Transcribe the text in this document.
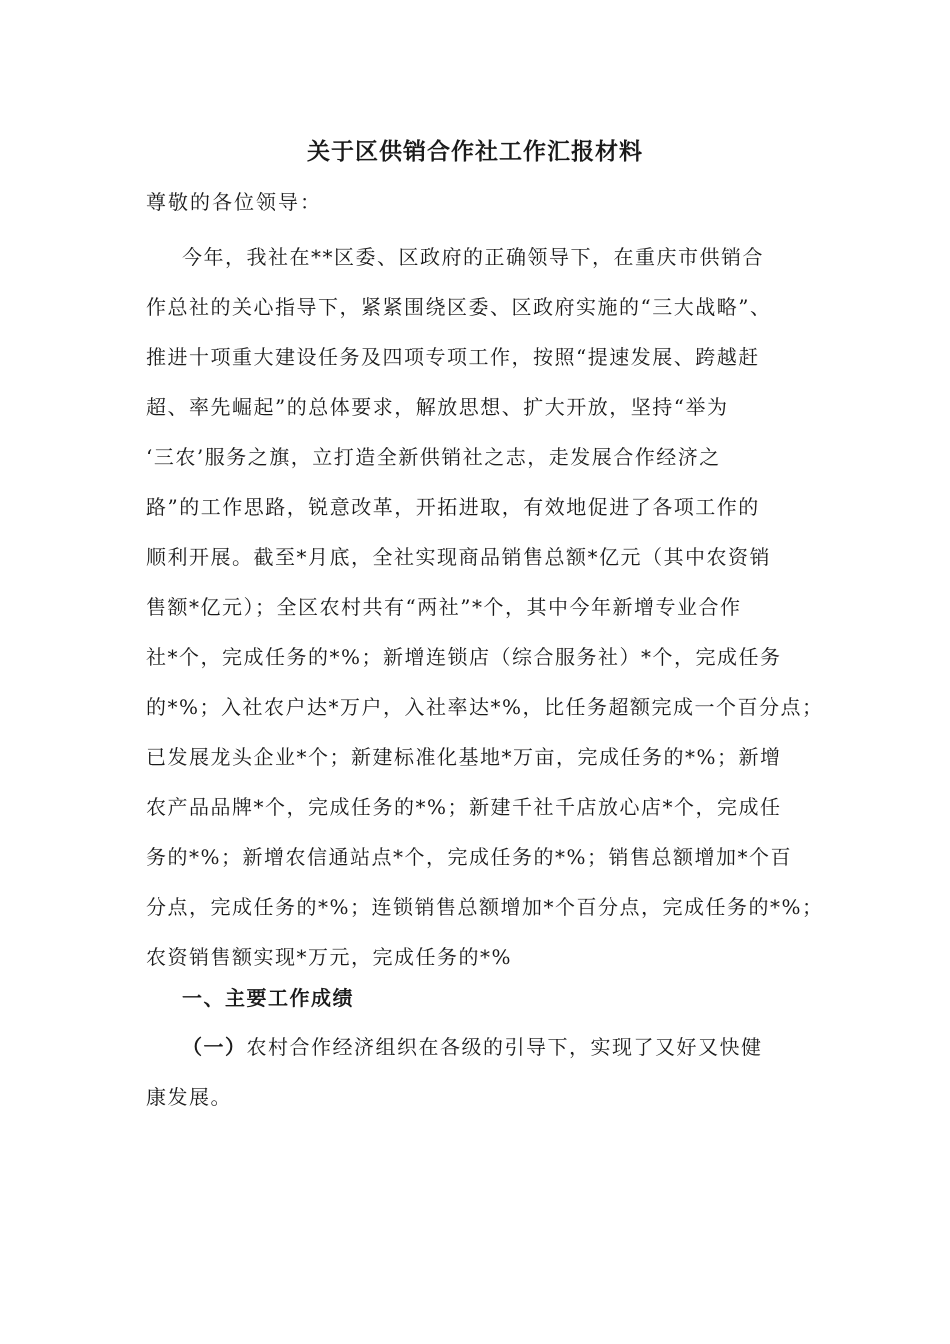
关于区供销合作社工作汇报材料

尊敬的各位领导：

今年，我社在**区委、区政府的正确领导下，在重庆市供销合
作总社的关心指导下，紧紧围绕区委、区政府实施的“三大战略”、
推进十项重大建设任务及四项专项工作，按照“提速发展、跨越赶
超、率先崛起”的总体要求，解放思想、扩大开放，坚持“举为
‘三农’服务之旗，立打造全新供销社之志，走发展合作经济之
路”的工作思路，锐意改革，开拓进取，有效地促进了各项工作的
顺利开展。截至*月底，全社实现商品销售总额*亿元（其中农资销
售额*亿元）；全区农村共有“两社”*个，其中今年新增专业合作
社*个，完成任务的*%；新增连锁店（综合服务社）*个，完成任务
的*%；入社农户达*万户，入社率达*%，比任务超额完成一个百分点；
已发展龙头企业*个；新建标准化基地*万亩，完成任务的*%；新增
农产品品牌*个，完成任务的*%；新建千社千店放心店*个，完成任
务的*%；新增农信通站点*个，完成任务的*%；销售总额增加*个百
分点，完成任务的*%；连锁销售总额增加*个百分点，完成任务的*%；
农资销售额实现*万元，完成任务的*%
一、主要工作成绩
（一）农村合作经济组织在各级的引导下，实现了又好又快健
康发展。
